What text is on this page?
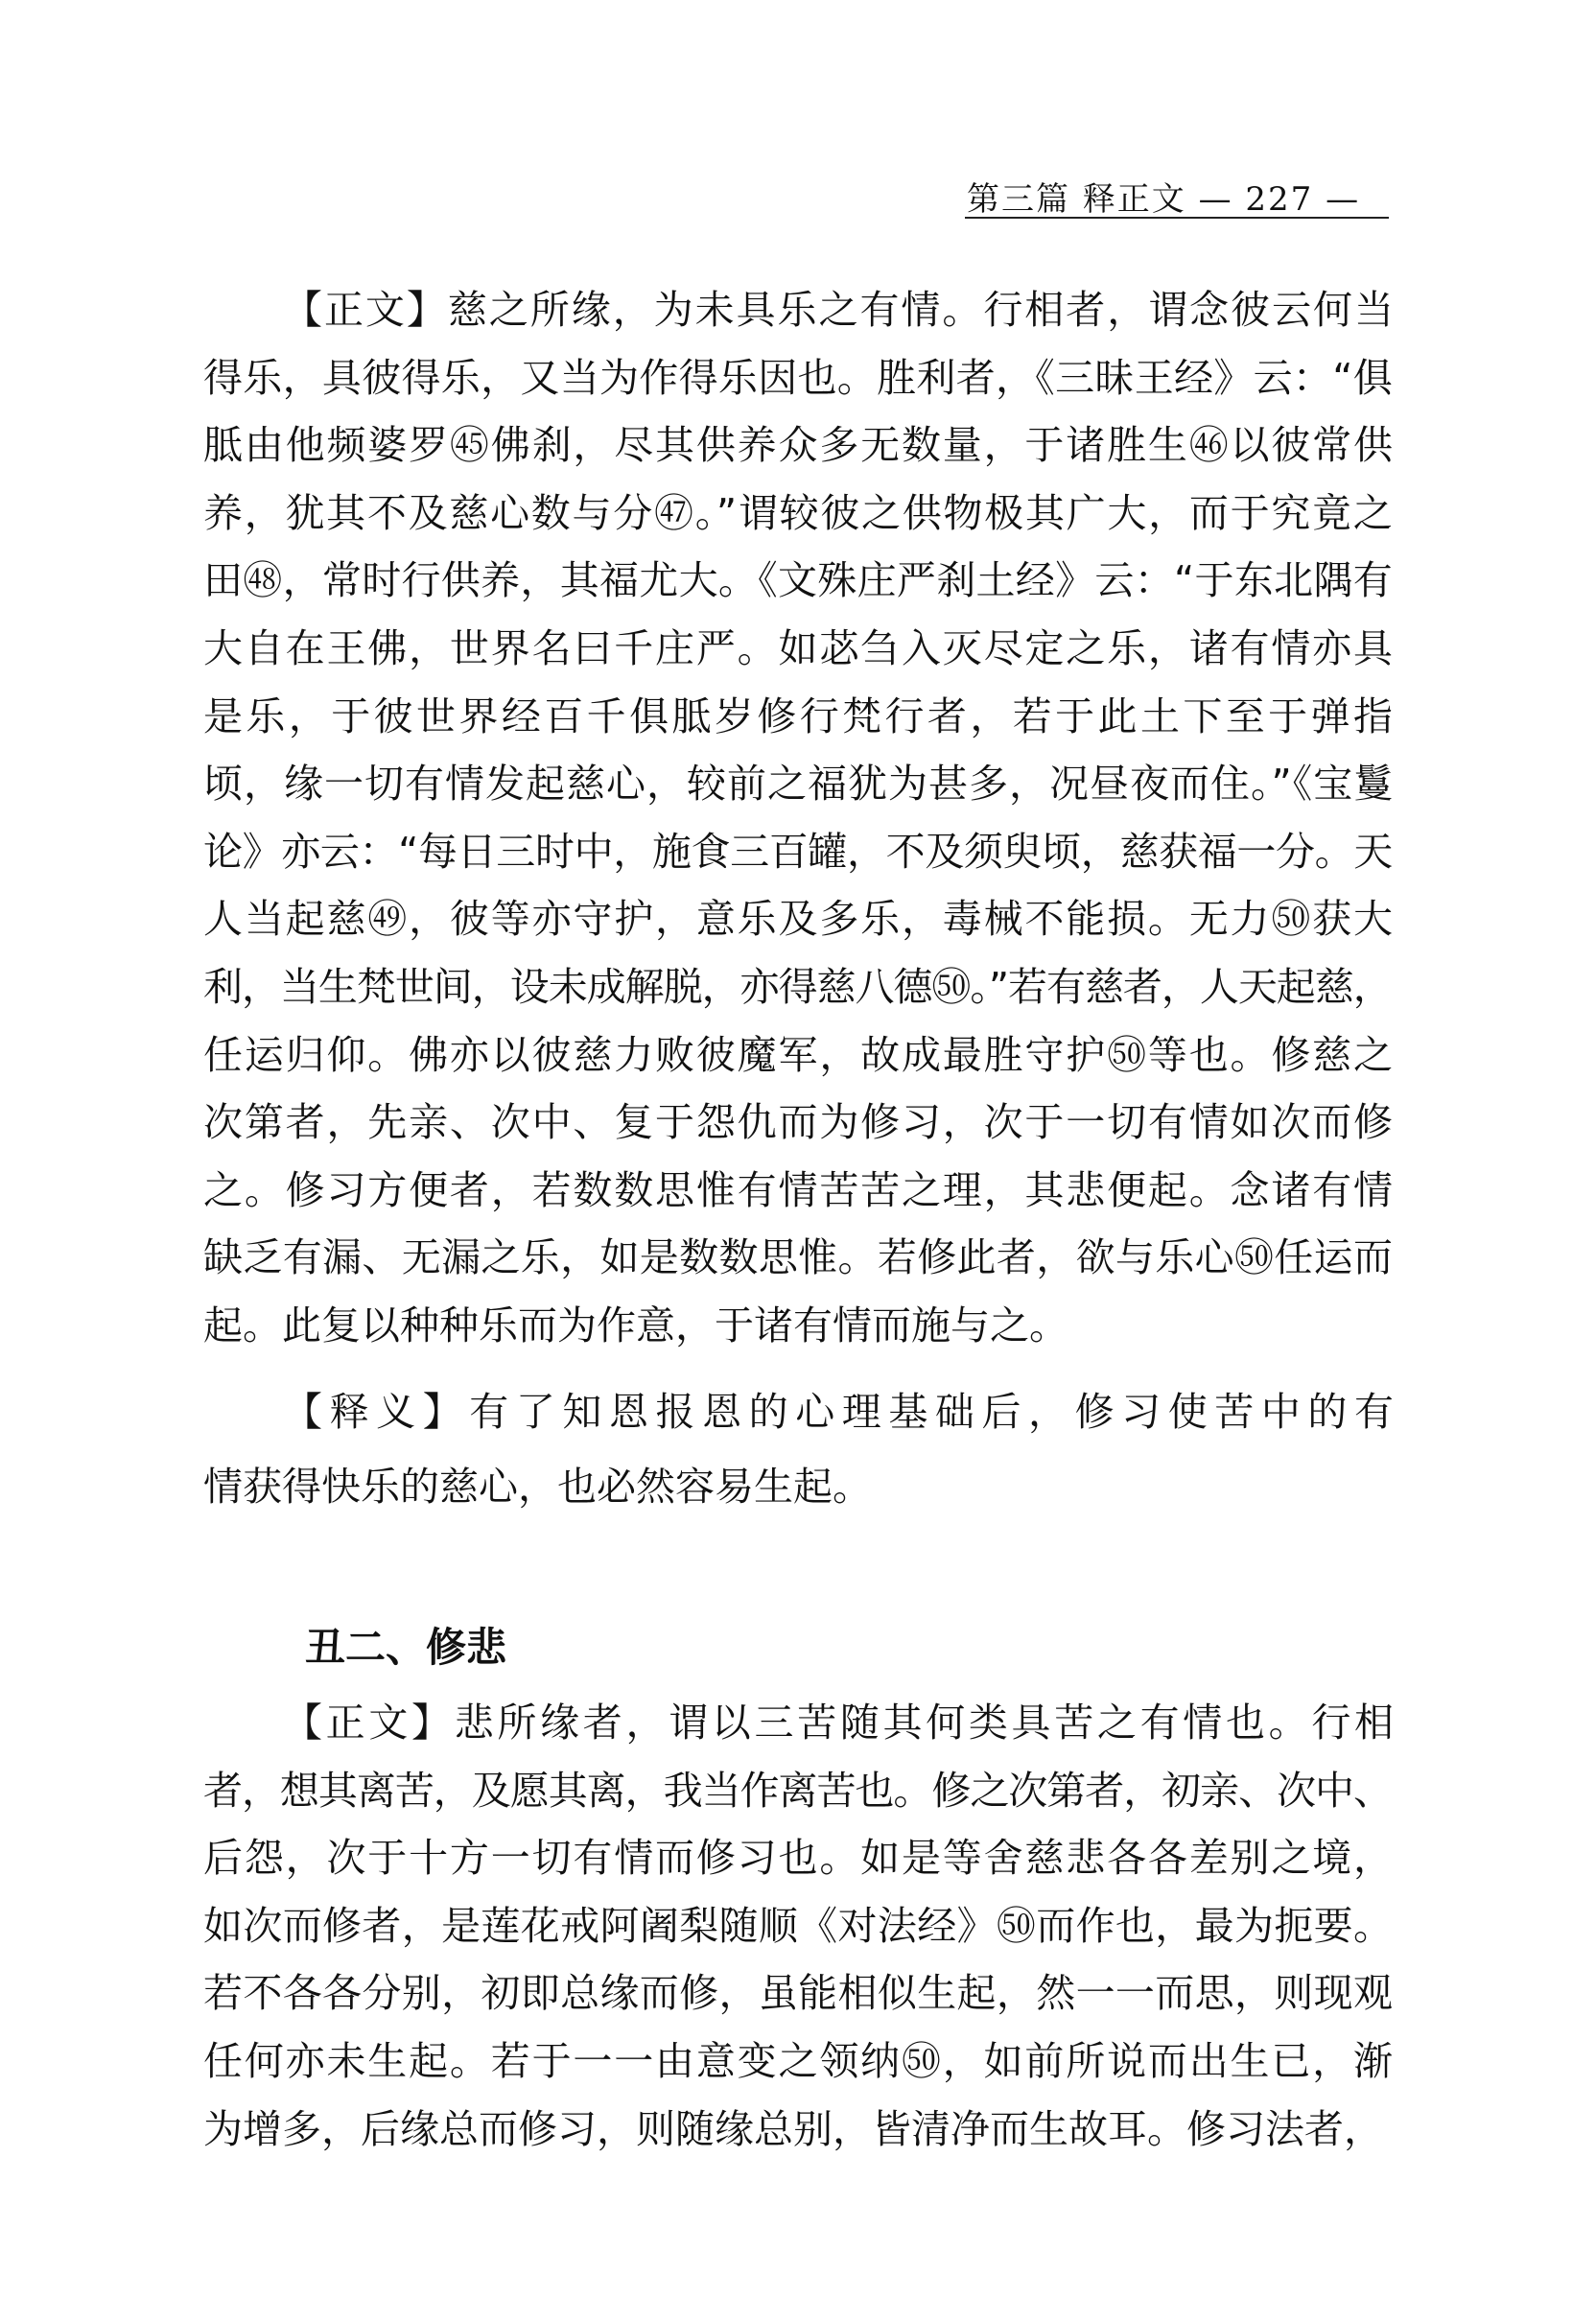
第三篇 释正文 — 227 —
【正文】慈之所缘，为未具乐之有情。行相者，谓念彼云何当
得乐，具彼得乐，又当为作得乐因也。胜利者，《三昧王经》云：“俱
胝由他频婆罗㊺佛刹，尽其供养众多无数量，于诸胜生㊻以彼常供
养，犹其不及慈心数与分㊼。”谓较彼之供物极其广大，而于究竟之
田㊽，常时行供养，其福尤大。《文殊庄严刹土经》云：“于东北隅有
大自在王佛，世界名曰千庄严。如苾刍入灭尽定之乐，诸有情亦具
是乐，于彼世界经百千俱胝岁修行梵行者，若于此土下至于弹指
顷，缘一切有情发起慈心，较前之福犹为甚多，况昼夜而住。”《宝鬘
论》亦云：“每日三时中，施食三百罐，不及须臾顷，慈获福一分。天
人当起慈㊾，彼等亦守护，意乐及多乐，毒械不能损。无力㊿获大
利，当生梵世间，设未成解脱，亦得慈八德㊿。”若有慈者，人天起慈，
任运归仰。佛亦以彼慈力败彼魔军，故成最胜守护㊿等也。修慈之
次第者，先亲、次中、复于怨仇而为修习，次于一切有情如次而修
之。修习方便者，若数数思惟有情苦苦之理，其悲便起。念诸有情
缺乏有漏、无漏之乐，如是数数思惟。若修此者，欲与乐心㊿任运而
起。此复以种种乐而为作意，于诸有情而施与之。
【释义】有了知恩报恩的心理基础后，修习使苦中的有
情获得快乐的慈心，也必然容易生起。
丑二、修悲
【正文】悲所缘者，谓以三苦随其何类具苦之有情也。行相
者，想其离苦，及愿其离，我当作离苦也。修之次第者，初亲、次中、
后怨，次于十方一切有情而修习也。如是等舍慈悲各各差别之境，
如次而修者，是莲花戒阿阇梨随顺《对法经》㊿而作也，最为扼要。
若不各各分别，初即总缘而修，虽能相似生起，然一一而思，则现观
任何亦未生起。若于一一由意变之领纳㊿，如前所说而出生已，渐
为增多，后缘总而修习，则随缘总别，皆清净而生故耳。修习法者，
